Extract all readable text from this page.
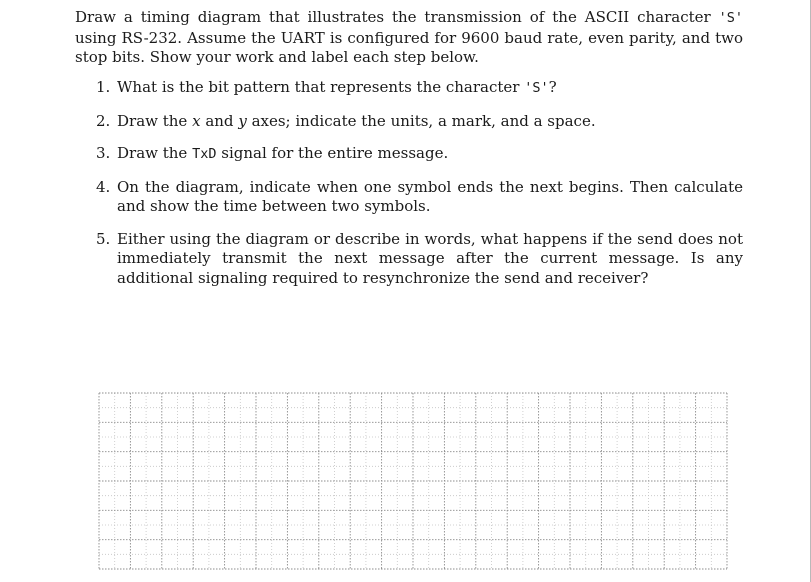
Draw a timing diagram that illustrates the transmission of the ASCII character 'S' using RS-232. Assume the UART is configured for 9600 baud rate, even parity, and two stop bits. Show your work and label each step below.

1. What is the bit pattern that represents the character 'S'?
2. Draw the x and y axes; indicate the units, a mark, and a space.
3. Draw the TxD signal for the entire message.
4. On the diagram, indicate when one symbol ends the next begins. Then calculate and show the time between two symbols.
5. Either using the diagram or describe in words, what happens if the send does not immediately transmit the next message after the current message. Is any additional signaling required to resynchronize the send and receiver?
